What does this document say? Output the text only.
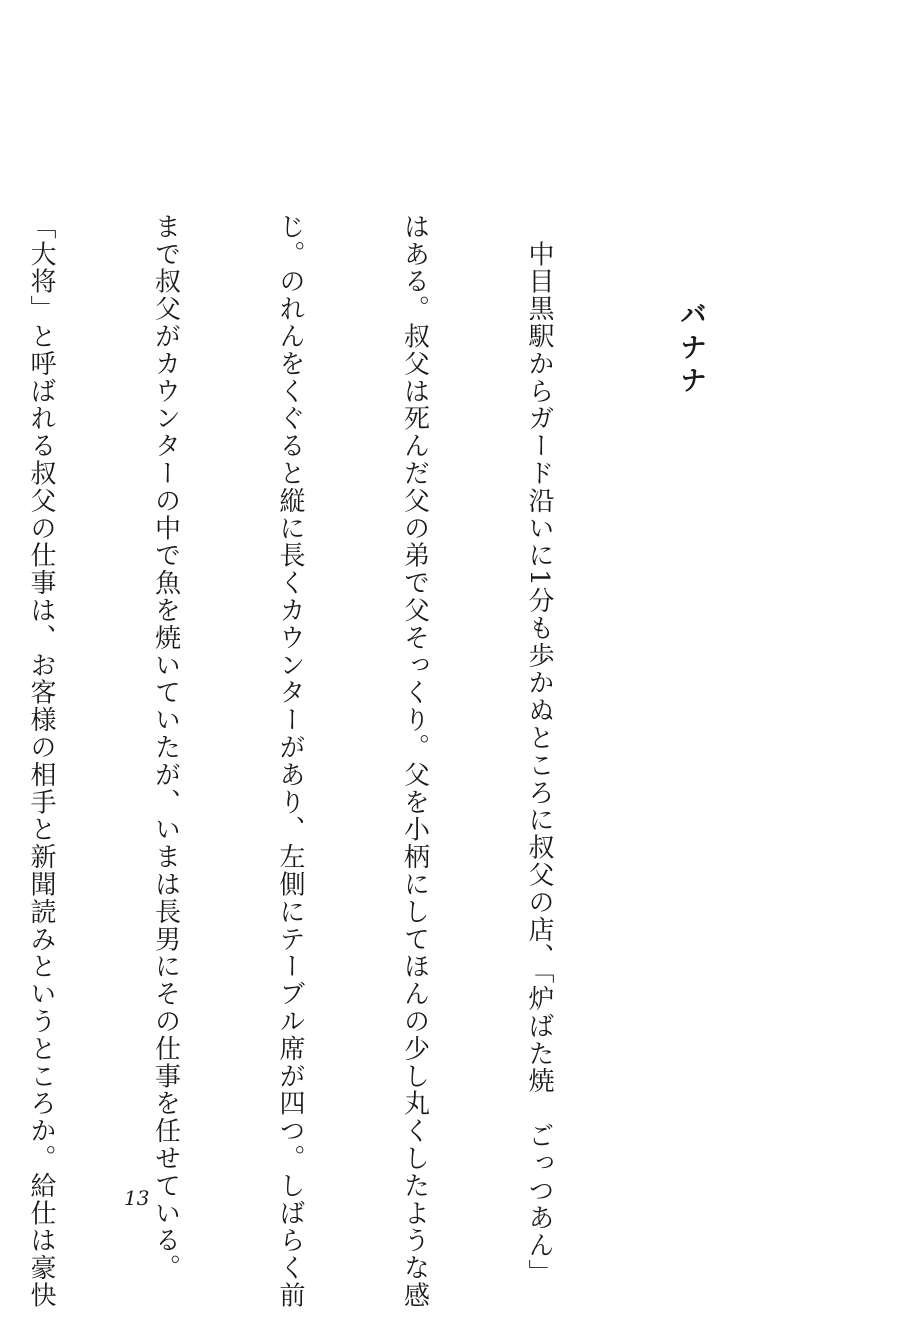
バナナ

　中目黒駅からガード沿いに1分も歩かぬところに叔父の店、「炉ばた焼　ごっつあん」

はある。叔父は死んだ父の弟で父そっくり。父を小柄にしてほんの少し丸くしたような感

じ。のれんをくぐると縦に長くカウンターがあり、左側にテーブル席が四つ。しばらく前

まで叔父がカウンターの中で魚を焼いていたが、いまは長男にその仕事を任せている。

「大将」と呼ばれる叔父の仕事は、お客様の相手と新聞読みというところか。給仕は豪快

	13
